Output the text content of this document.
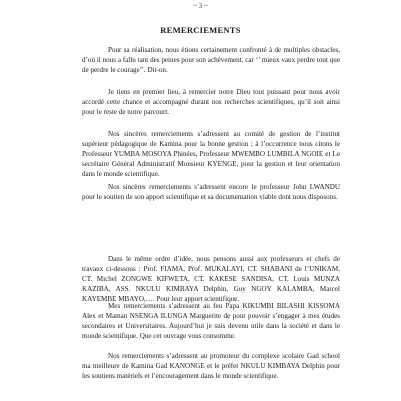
~ 3 ~
REMERCIEMENTS

Pour sa réalisation, nous étions certainement confronté à de multiples obstacles, d’où il nous a fallu tant des peines pour son achèvement, car ‘’ mieux vaux perdre tout que de perdre le courage’’. Dit-on.

Je tiens en premier lieu, à remercier notre Dieu tout puissant pour nous avoir accordé cette chance et accompagné durant nos recherches scientifiques, qu’il soit ainsi pour le reste de notre parcourt.

Nos sincères remerciements s’adressent au comité de gestion de l’institut supérieur pédagogique de Kamina pour la bonne gestion ; à l’occurrence nous citons le Professeur YUMBA MOSOYA Phinées, Professeur MWEMBO LUMBILA NGOIE et Le secrétaire Général Administratif Monsieur KYENGE, pour la gestion et leur orientation dans le monde scientifique.

Nos sincères remerciements s’adressent encore le professeur John LWANDU pour le soutien de son apport scientifique et sa documentation viable dont nous disposons.

Dans le même ordre d’idée, nous pensons aussi aux professeurs et chefs de travaux ci-dessous : Prof. FIAMA, Prof. MUKALAYI, CT. SHABANI de l’UNIKAM, CT. Michel ZONGWE KIFWETA, CT. KAKESE SANDISA, CT. Louis MUNZA KAZIBA, ASS. NKULU KIMBAYA Delphin, Guy NGOY KALAMBA, Marcel KAYEMBE MBAYO,…. Pour leur apport scientifique.

Mes remerciements s’adressent au feu Papa KIKUMBI BILASHI KISSOMA Alex et Maman NSENGA ILUNGA Marguerite de pour pouvoir s’engager à mes études secondaires et Universitaires. Aujourd’hui je suis devenu utile dans la société et dans le monde scientifique. Que cet ouvrage vous consomme.

Nos remerciements s’adressent au promoteur du complexe scolaire Gad school ma meilleure de Kamina Gad KANONGE et le préfet NKULU KIMBAYA Delphin pour les soutiens matériels et l’encouragement dans le monde scientifique.
